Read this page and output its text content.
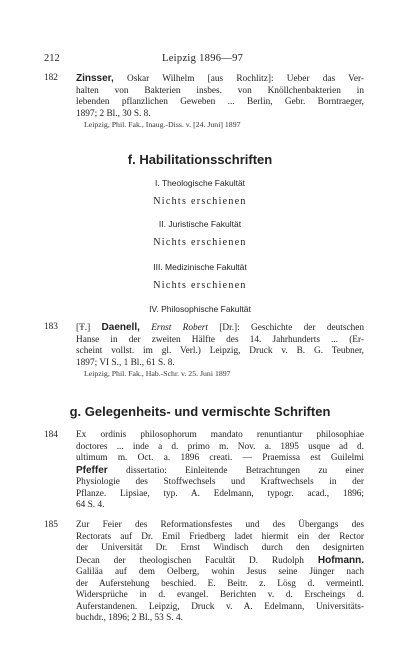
212	Leipzig 1896—97
182 Zinsser, Oskar Wilhelm [aus Rochlitz]: Ueber das Ver-
halten von Bakterien insbes. von Knöllchenbakterien in
lebenden pflanzlichen Geweben ... Berlin, Gebr. Borntraeger,
1897; 2 Bl., 30 S. 8.
Leipzig, Phil. Fak., Inaug.-Diss. v. [24. Juni] 1897
f. Habilitationsschriften
I. Theologische Fakultät
Nichts erschienen
II. Juristische Fakultät
Nichts erschienen
III. Medizinische Fakultät
Nichts erschienen
IV. Philosophische Fakultät
183 [Ŧ.] Daenell, Ernst Robert [Dr.]: Geschichte der deutschen
Hanse in der zweiten Hälfte des 14. Jahrhunderts ... (Er-
scheint vollst. im gl. Verl.) Leipzig, Druck v. B. G. Teubner,
1897; VI S., 1 Bl., 61 S. 8.
Leipzig, Phil. Fak., Hab.-Schr. v. 25. Juni 1897
g. Gelegenheits- und vermischte Schriften
184 Ex ordinis philosophorum mandato renuntiantur philosophiae
doctores ... inde a d. primo m. Nov. a. 1895 usque ad d.
ultimum m. Oct. a. 1896 creati. — Praemissa est Guilelmi
Pfeffer dissertatio: Einleitende Betrachtungen zu einer
Physiologie des Stoffwechsels und Kraftwechsels in der
Pflanze. Lipsiae, typ. A. Edelmann, typogr. acad., 1896;
64 S. 4.
185 Zur Feier des Reformationsfestes und des Übergangs des
Rectorats auf Dr. Emil Friedberg ladet hiermit ein der Rector
der Universität Dr. Ernst Windisch durch den designirten
Decan der theologischen Facultät D. Rudolph Hofmann.
Galiläa auf dem Oelberg, wohin Jesus seine Jünger nach
der Auferstehung beschied. E. Beitr. z. Lösg d. vermeintl.
Widersprüche in d. evangel. Berichten v. d. Erscheings d.
Auferstandenen. Leipzig, Druck v. A. Edelmann, Universitäts-
buchdr., 1896; 2 Bl., 53 S. 4.
